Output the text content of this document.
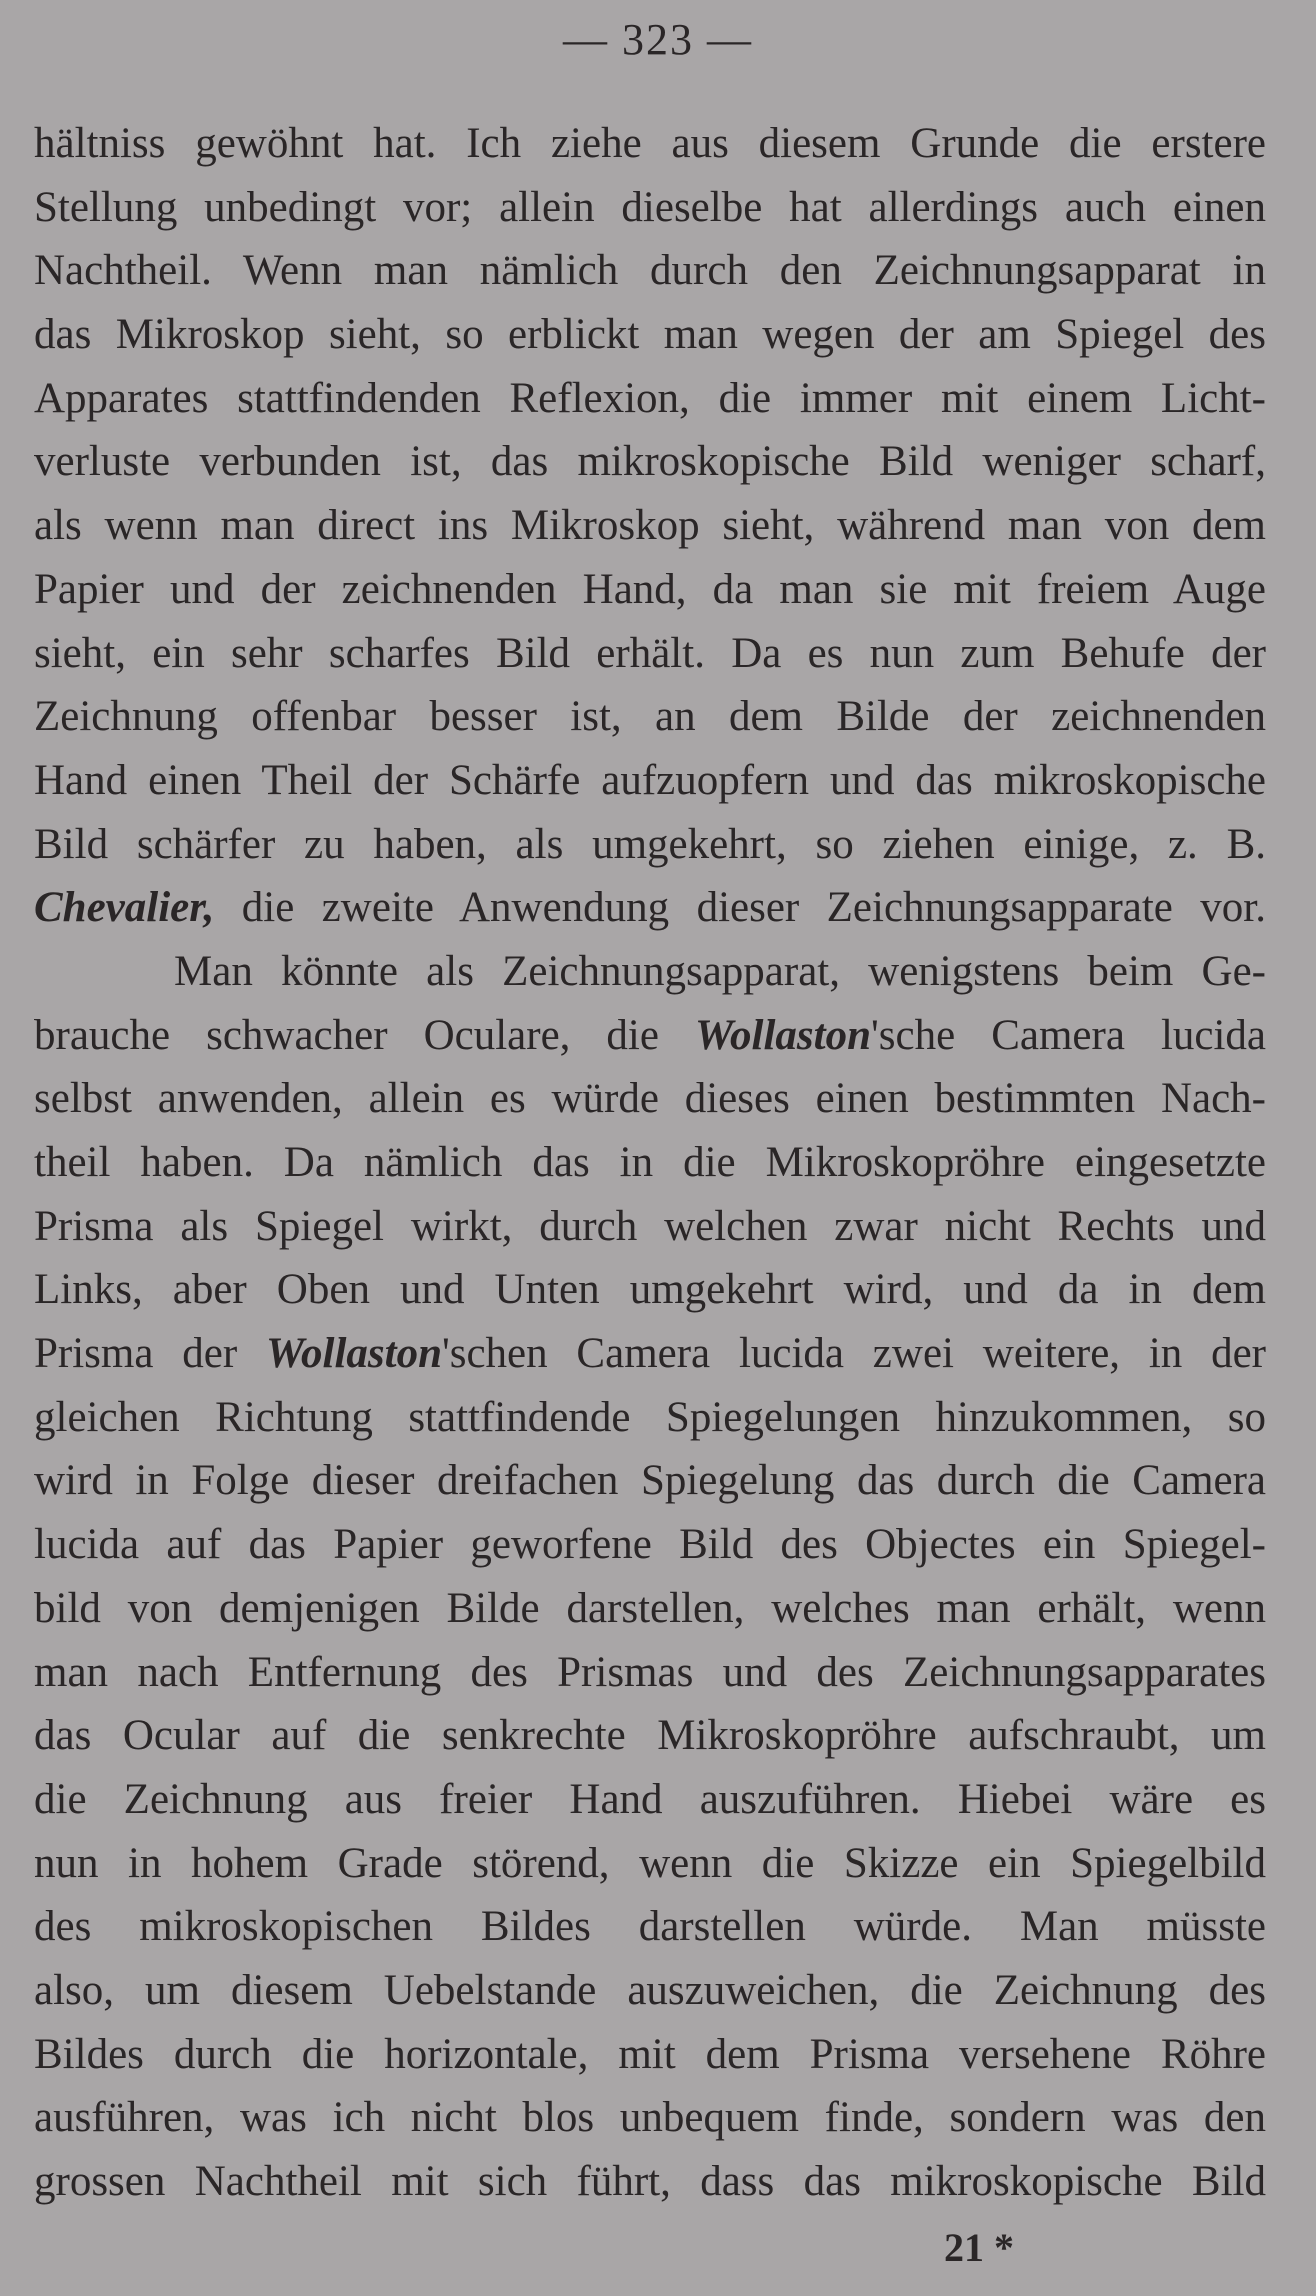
— 323 —
hältniss gewöhnt hat. Ich ziehe aus diesem Grunde die erstere
Stellung unbedingt vor; allein dieselbe hat allerdings auch einen
Nachtheil. Wenn man nämlich durch den Zeichnungsapparat in
das Mikroskop sieht, so erblickt man wegen der am Spiegel des
Apparates stattfindenden Reflexion, die immer mit einem Licht-
verluste verbunden ist, das mikroskopische Bild weniger scharf,
als wenn man direct ins Mikroskop sieht, während man von dem
Papier und der zeichnenden Hand, da man sie mit freiem Auge
sieht, ein sehr scharfes Bild erhält. Da es nun zum Behufe der
Zeichnung offenbar besser ist, an dem Bilde der zeichnenden
Hand einen Theil der Schärfe aufzuopfern und das mikroskopische
Bild schärfer zu haben, als umgekehrt, so ziehen einige, z. B.
Chevalier, die zweite Anwendung dieser Zeichnungsapparate vor.
Man könnte als Zeichnungsapparat, wenigstens beim Ge-
brauche schwacher Oculare, die Wollaston'sche Camera lucida
selbst anwenden, allein es würde dieses einen bestimmten Nach-
theil haben. Da nämlich das in die Mikroskopröhre eingesetzte
Prisma als Spiegel wirkt, durch welchen zwar nicht Rechts und
Links, aber Oben und Unten umgekehrt wird, und da in dem
Prisma der Wollaston'schen Camera lucida zwei weitere, in der
gleichen Richtung stattfindende Spiegelungen hinzukommen, so
wird in Folge dieser dreifachen Spiegelung das durch die Camera
lucida auf das Papier geworfene Bild des Objectes ein Spiegel-
bild von demjenigen Bilde darstellen, welches man erhält, wenn
man nach Entfernung des Prismas und des Zeichnungsapparates
das Ocular auf die senkrechte Mikroskopröhre aufschraubt, um
die Zeichnung aus freier Hand auszuführen. Hiebei wäre es
nun in hohem Grade störend, wenn die Skizze ein Spiegelbild
des mikroskopischen Bildes darstellen würde. Man müsste
also, um diesem Uebelstande auszuweichen, die Zeichnung des
Bildes durch die horizontale, mit dem Prisma versehene Röhre
ausführen, was ich nicht blos unbequem finde, sondern was den
grossen Nachtheil mit sich führt, dass das mikroskopische Bild
21 *
